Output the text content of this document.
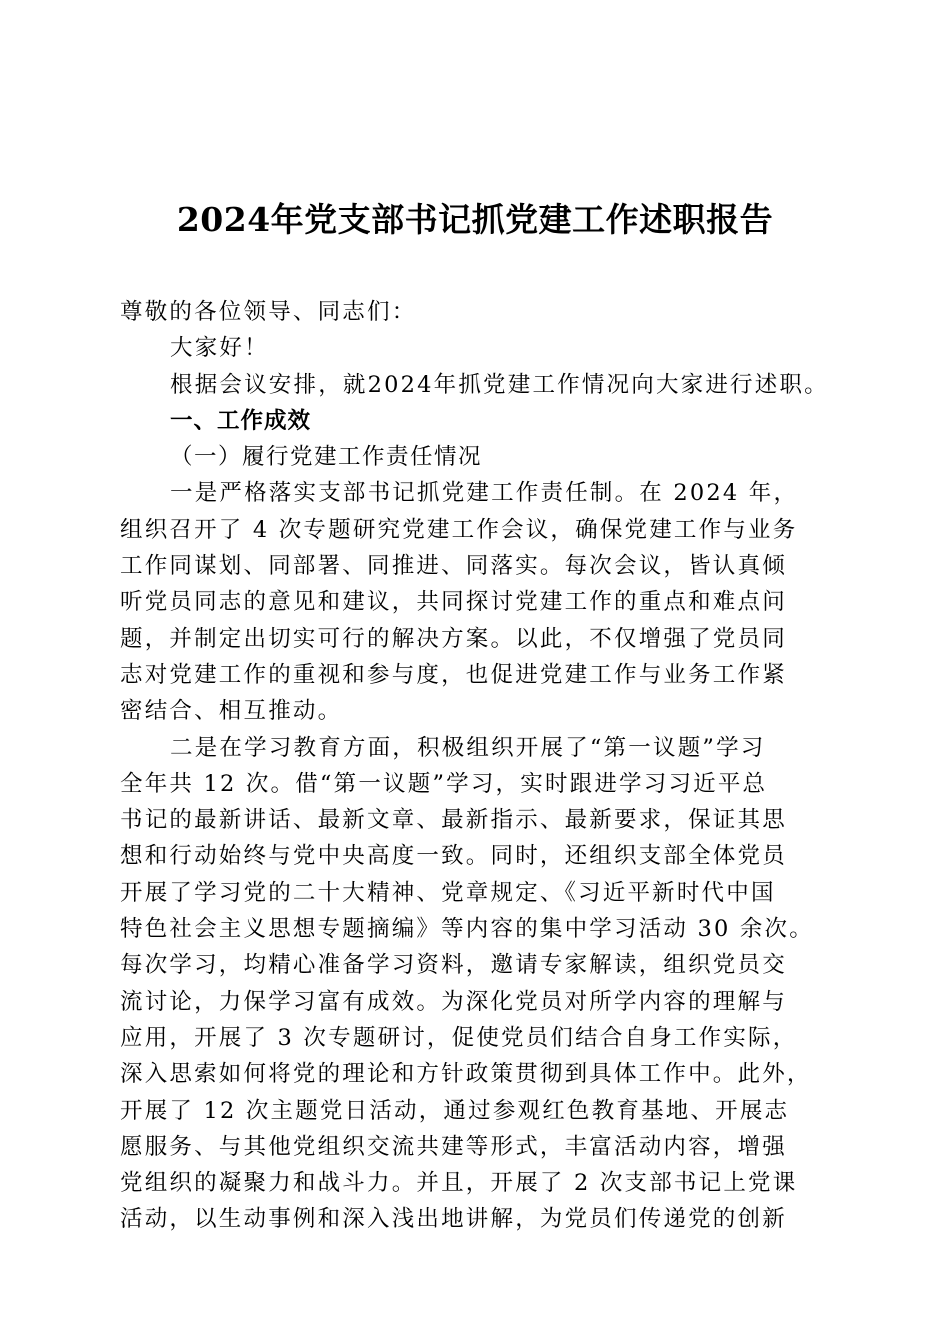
2024年党支部书记抓党建工作述职报告
尊敬的各位领导、同志们：
大家好！
根据会议安排，就2024年抓党建工作情况向大家进行述职。
一、工作成效
（一）履行党建工作责任情况
一是严格落实支部书记抓党建工作责任制。在 2024 年，
组织召开了 4 次专题研究党建工作会议，确保党建工作与业务
工作同谋划、同部署、同推进、同落实。每次会议，皆认真倾
听党员同志的意见和建议，共同探讨党建工作的重点和难点问
题，并制定出切实可行的解决方案。以此，不仅增强了党员同
志对党建工作的重视和参与度，也促进党建工作与业务工作紧
密结合、相互推动。
二是在学习教育方面，积极组织开展了“第一议题”学习
全年共 12 次。借“第一议题”学习，实时跟进学习习近平总
书记的最新讲话、最新文章、最新指示、最新要求，保证其思
想和行动始终与党中央高度一致。同时，还组织支部全体党员
开展了学习党的二十大精神、党章规定、《习近平新时代中国
特色社会主义思想专题摘编》等内容的集中学习活动 30 余次。
每次学习，均精心准备学习资料，邀请专家解读，组织党员交
流讨论，力保学习富有成效。为深化党员对所学内容的理解与
应用，开展了 3 次专题研讨，促使党员们结合自身工作实际，
深入思索如何将党的理论和方针政策贯彻到具体工作中。此外，
开展了 12 次主题党日活动，通过参观红色教育基地、开展志
愿服务、与其他党组织交流共建等形式，丰富活动内容，增强
党组织的凝聚力和战斗力。并且，开展了 2 次支部书记上党课
活动，以生动事例和深入浅出地讲解，为党员们传递党的创新
